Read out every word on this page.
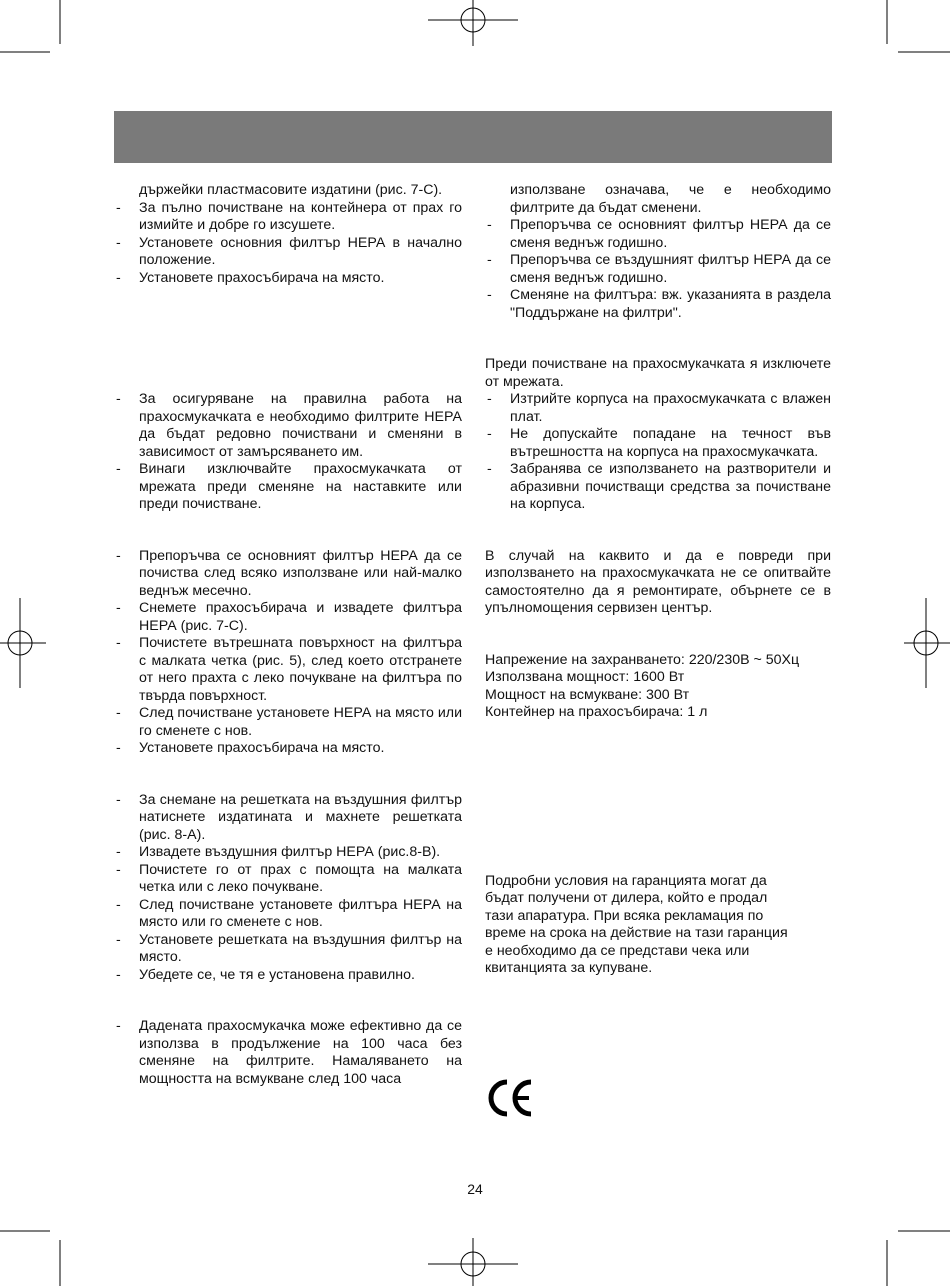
държейки пластмасовите издатини (рис. 7-С).
- За пълно почистване на контейнера от прах го измийте и добре го изсушете.
- Установете основния филтър НЕРА в начално положение.
- Установете прахосъбирача на място.
- За осигуряване на правилна работа на прахосмукачката е необходимо филтрите НЕРА да бъдат редовно почиствани и сменяни в зависимост от замърсяването им.
- Винаги изключвайте прахосмукачката от мрежата преди сменяне на наставките или преди почистване.
- Препоръчва се основният филтър НЕРА да се почиства след всяко използване или най-малко веднъж месечно.
- Снемете прахосъбирача и извадете филтъра НЕРА (рис. 7-С).
- Почистете вътрешната повърхност на филтъра с малката четка (рис. 5), след което отстранете от него прахта с леко почукване на филтъра по твърда повърхност.
- След почистване установете НЕРА на място или го сменете с нов.
- Установете прахосъбирача на място.
- За снемане на решетката на въздушния филтър натиснете издатината и махнете решетката (рис. 8-А).
- Извадете въздушния филтър НЕРА (рис.8-В).
- Почистете го от прах с помощта на малката четка или с леко почукване.
- След почистване установете филтъра НЕРА на място или го сменете с нов.
- Установете решетката на въздушния филтър на място.
- Убедете се, че тя е установена правилно.
- Дадената прахосмукачка може ефективно да се използва в продължение на 100 часа без сменяне на филтрите. Намаляването на мощността на всмукване след 100 часа
използване означава, че е необходимо филтрите да бъдат сменени.
- Препоръчва се основният филтър НЕРА да се сменя веднъж годишно.
- Препоръчва се въздушният филтър НЕРА да се сменя веднъж годишно.
- Сменяне на филтъра: вж. указанията в раздела "Поддържане на филтри".
Преди почистване на прахосмукачката я изключете от мрежата.
- Изтрийте корпуса на прахосмукачката с влажен плат.
- Не допускайте попадане на течност във вътрешността на корпуса на прахосмукачката.
- Забранява се използването на разтворители и абразивни почистващи средства за почистване на корпуса.
В случай на каквито и да е повреди при използването на прахосмукачката не се опитвайте самостоятелно да я ремонтирате, обърнете се в упълномощения сервизен център.
Напрежение на захранването: 220/230В ~ 50Хц
Използвана мощност: 1600 Вт
Мощност на всмукване: 300 Вт
Контейнер на прахосъбирача: 1 л
Подробни условия на гаранцията могат да
бъдат получени от дилера, който е продал
тази апаратура. При всяка рекламация по
време на срока на действие на тази гаранция
е необходимо да се представи чека или
квитанцията за купуване.
24
